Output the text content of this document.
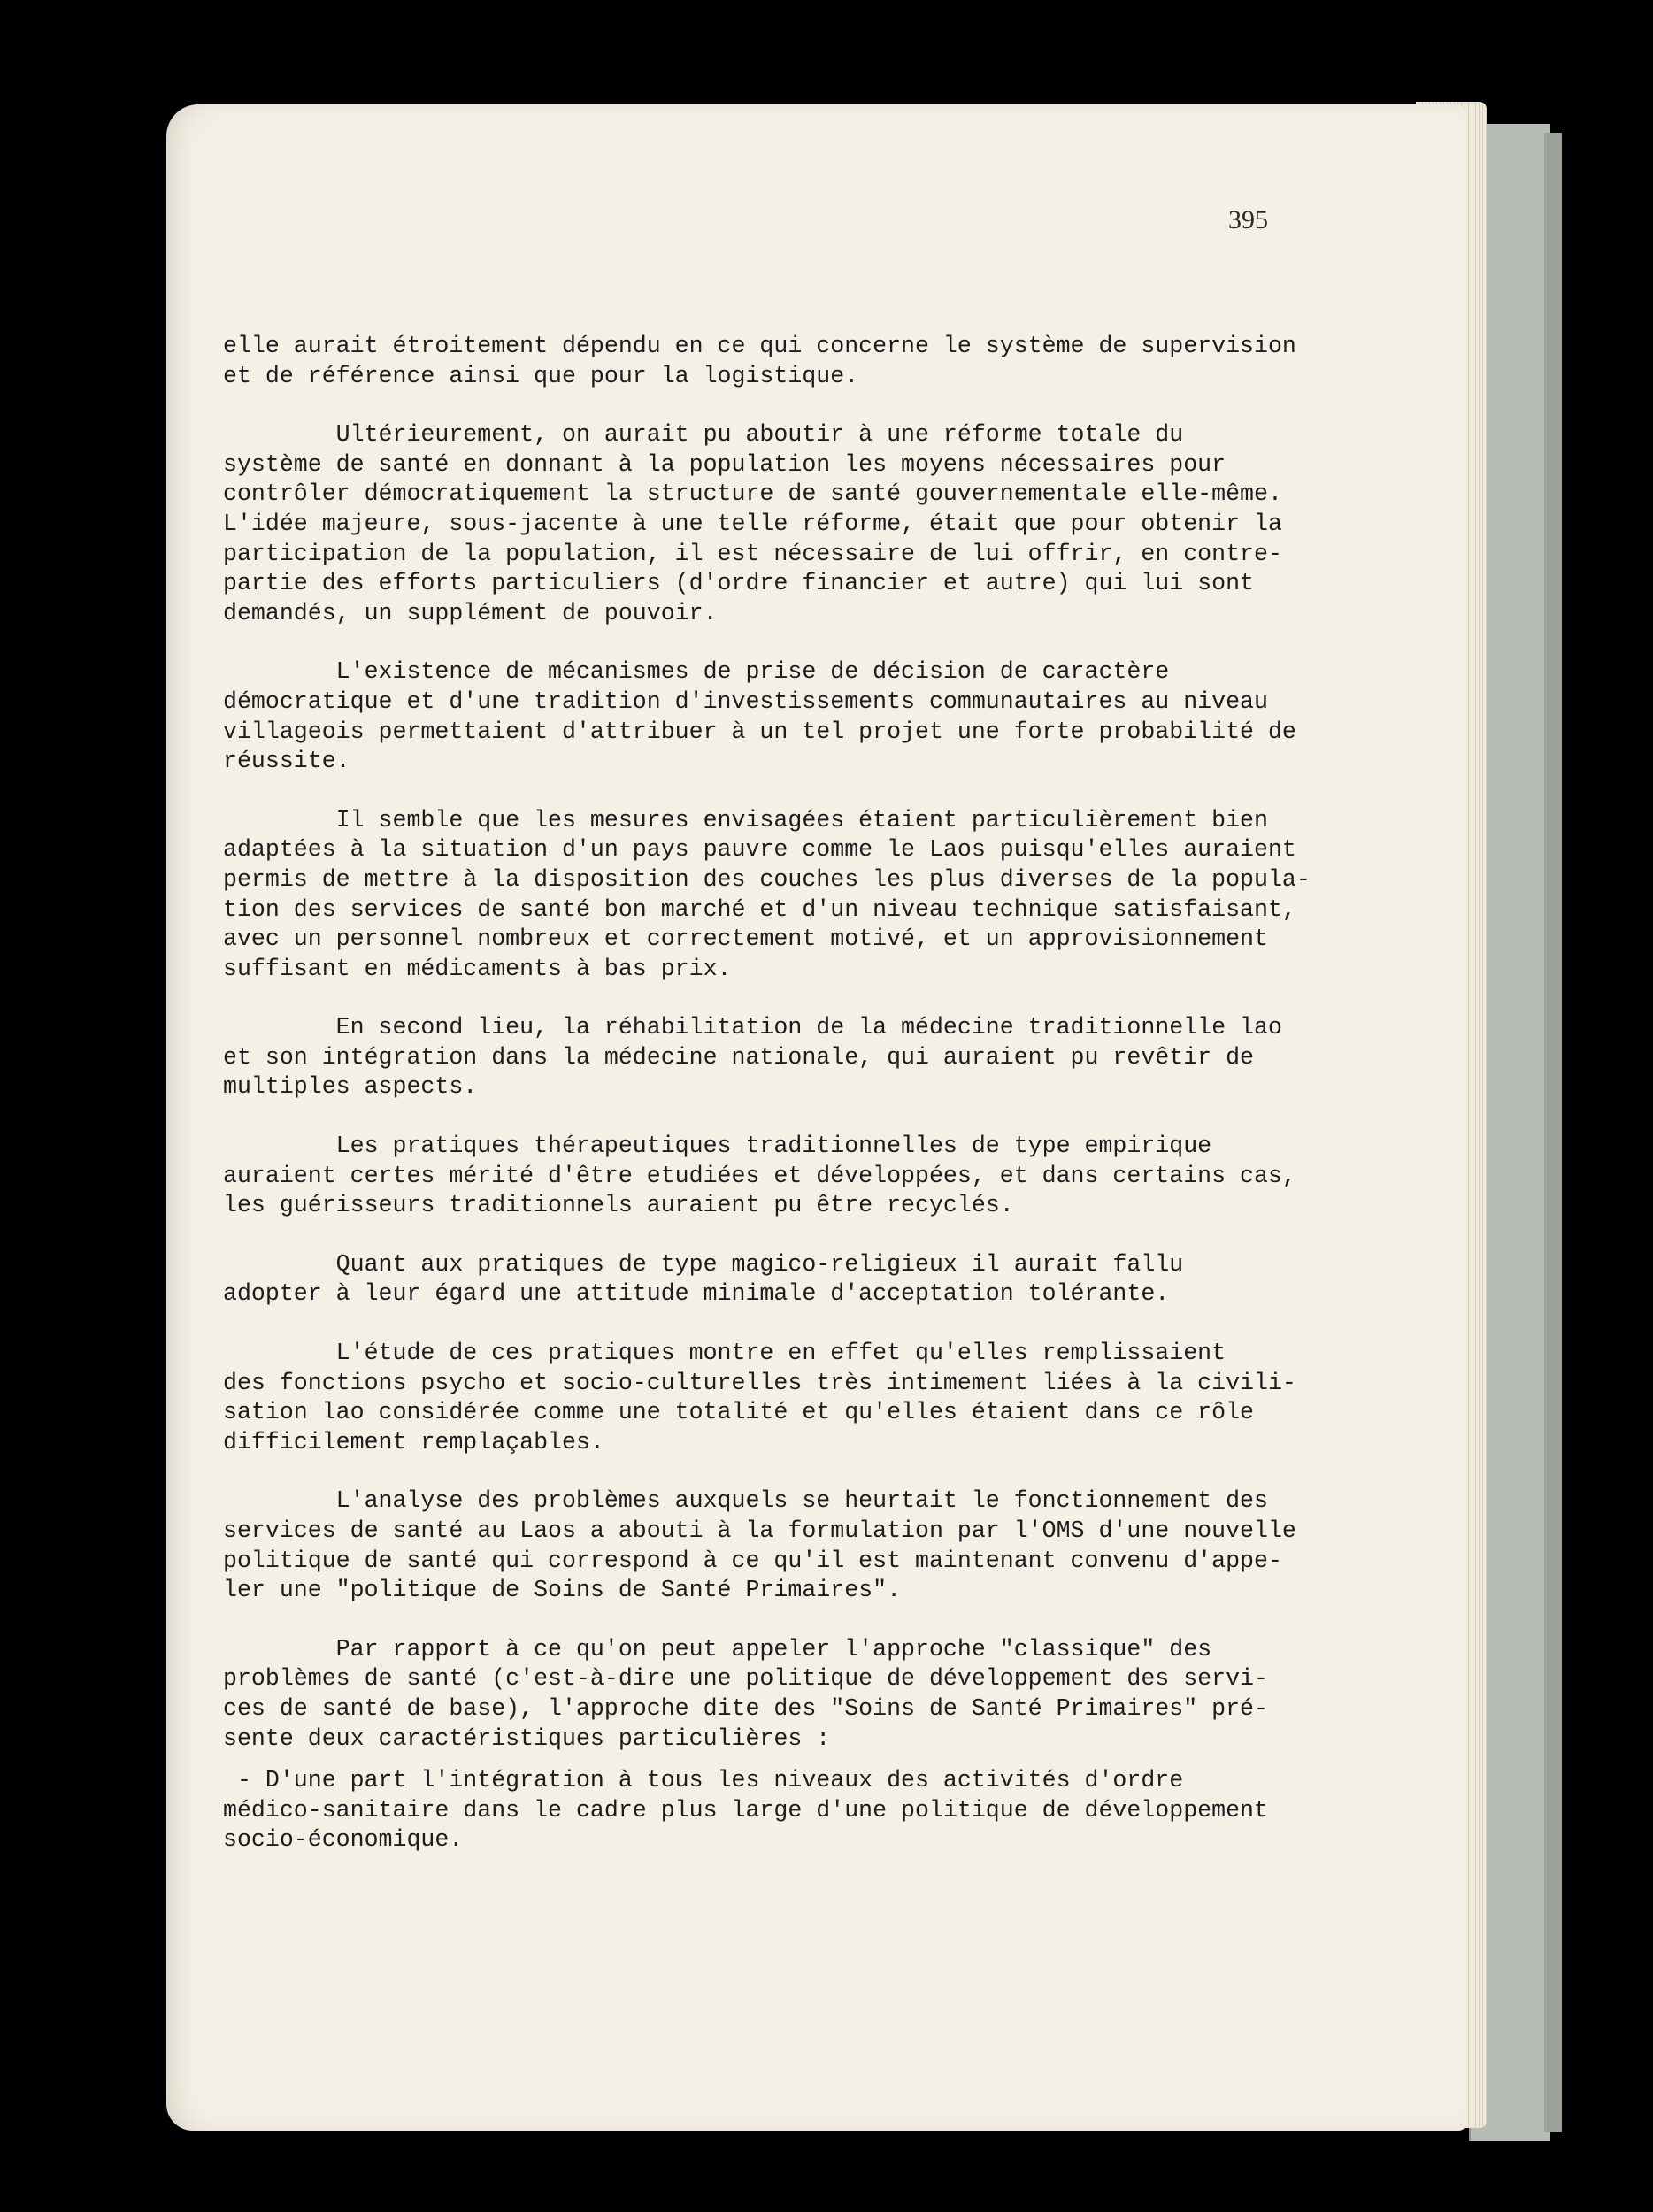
395
elle aurait étroitement dépendu en ce qui concerne le système de supervision
et de référence ainsi que pour la logistique.
Ultérieurement, on aurait pu aboutir à une réforme totale du
système de santé en donnant à la population les moyens nécessaires pour
contrôler démocratiquement la structure de santé gouvernementale elle-même.
L'idée majeure, sous-jacente à une telle réforme, était que pour obtenir la
participation de la population, il est nécessaire de lui offrir, en contre-
partie des efforts particuliers (d'ordre financier et autre) qui lui sont
demandés, un supplément de pouvoir.
L'existence de mécanismes de prise de décision de caractère
démocratique et d'une tradition d'investissements communautaires au niveau
villageois permettaient d'attribuer à un tel projet une forte probabilité de
réussite.
Il semble que les mesures envisagées étaient particulièrement bien
adaptées à la situation d'un pays pauvre comme le Laos puisqu'elles auraient
permis de mettre à la disposition des couches les plus diverses de la popula-
tion des services de santé bon marché et d'un niveau technique satisfaisant,
avec un personnel nombreux et correctement motivé, et un approvisionnement
suffisant en médicaments à bas prix.
En second lieu, la réhabilitation de la médecine traditionnelle lao
et son intégration dans la médecine nationale, qui auraient pu revêtir de
multiples aspects.
Les pratiques thérapeutiques traditionnelles de type empirique
auraient certes mérité d'être etudiées et développées, et dans certains cas,
les guérisseurs traditionnels auraient pu être recyclés.
Quant aux pratiques de type magico-religieux il aurait fallu
adopter à leur égard une attitude minimale d'acceptation tolérante.
L'étude de ces pratiques montre en effet qu'elles remplissaient
des fonctions psycho et socio-culturelles très intimement liées à la civili-
sation lao considérée comme une totalité et qu'elles étaient dans ce rôle
difficilement remplaçables.
L'analyse des problèmes auxquels se heurtait le fonctionnement des
services de santé au Laos a abouti à la formulation par l'OMS d'une nouvelle
politique de santé qui correspond à ce qu'il est maintenant convenu d'appe-
ler une "politique de Soins de Santé Primaires".
Par rapport à ce qu'on peut appeler l'approche "classique" des
problèmes de santé (c'est-à-dire une politique de développement des servi-
ces de santé de base), l'approche dite des "Soins de Santé Primaires" pré-
sente deux caractéristiques particulières :
- D'une part l'intégration à tous les niveaux des activités d'ordre
médico-sanitaire dans le cadre plus large d'une politique de développement
socio-économique.
